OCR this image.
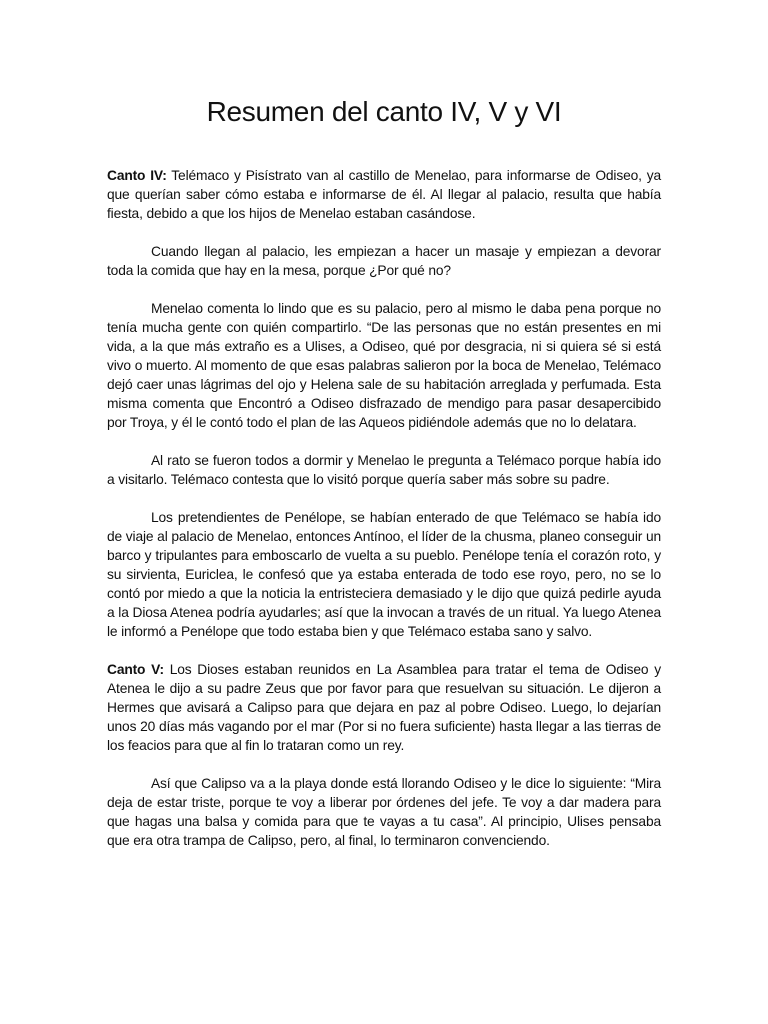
Resumen del canto IV, V y VI

Canto IV: Telémaco y Pisístrato van al castillo de Menelao, para informarse de Odiseo, ya que querían saber cómo estaba e informarse de él. Al llegar al palacio, resulta que había fiesta, debido a que los hijos de Menelao estaban casándose.

Cuando llegan al palacio, les empiezan a hacer un masaje y empiezan a devorar toda la comida que hay en la mesa, porque ¿Por qué no?

Menelao comenta lo lindo que es su palacio, pero al mismo le daba pena porque no tenía mucha gente con quién compartirlo. “De las personas que no están presentes en mi vida, a la que más extraño es a Ulises, a Odiseo, qué por desgracia, ni si quiera sé si está vivo o muerto. Al momento de que esas palabras salieron por la boca de Menelao, Telémaco dejó caer unas lágrimas del ojo y Helena sale de su habitación arreglada y perfumada. Esta misma comenta que Encontró a Odiseo disfrazado de mendigo para pasar desapercibido por Troya, y él le contó todo el plan de las Aqueos pidiéndole además que no lo delatara.

Al rato se fueron todos a dormir y Menelao le pregunta a Telémaco porque había ido a visitarlo. Telémaco contesta que lo visitó porque quería saber más sobre su padre.

Los pretendientes de Penélope, se habían enterado de que Telémaco se había ido de viaje al palacio de Menelao, entonces Antínoo, el líder de la chusma, planeo conseguir un barco y tripulantes para emboscarlo de vuelta a su pueblo. Penélope tenía el corazón roto, y su sirvienta, Euriclea, le confesó que ya estaba enterada de todo ese royo, pero, no se lo contó por miedo a que la noticia la entristeciera demasiado y le dijo que quizá pedirle ayuda a la Diosa Atenea podría ayudarles; así que la invocan a través de un ritual. Ya luego Atenea le informó a Penélope que todo estaba bien y que Telémaco estaba sano y salvo.

Canto V: Los Dioses estaban reunidos en La Asamblea para tratar el tema de Odiseo y Atenea le dijo a su padre Zeus que por favor para que resuelvan su situación. Le dijeron a Hermes que avisará a Calipso para que dejara en paz al pobre Odiseo. Luego, lo dejarían unos 20 días más vagando por el mar (Por si no fuera suficiente) hasta llegar a las tierras de los feacios para que al fin lo trataran como un rey.

Así que Calipso va a la playa donde está llorando Odiseo y le dice lo siguiente: “Mira deja de estar triste, porque te voy a liberar por órdenes del jefe. Te voy a dar madera para que hagas una balsa y comida para que te vayas a tu casa”. Al principio, Ulises pensaba que era otra trampa de Calipso, pero, al final, lo terminaron convenciendo.
